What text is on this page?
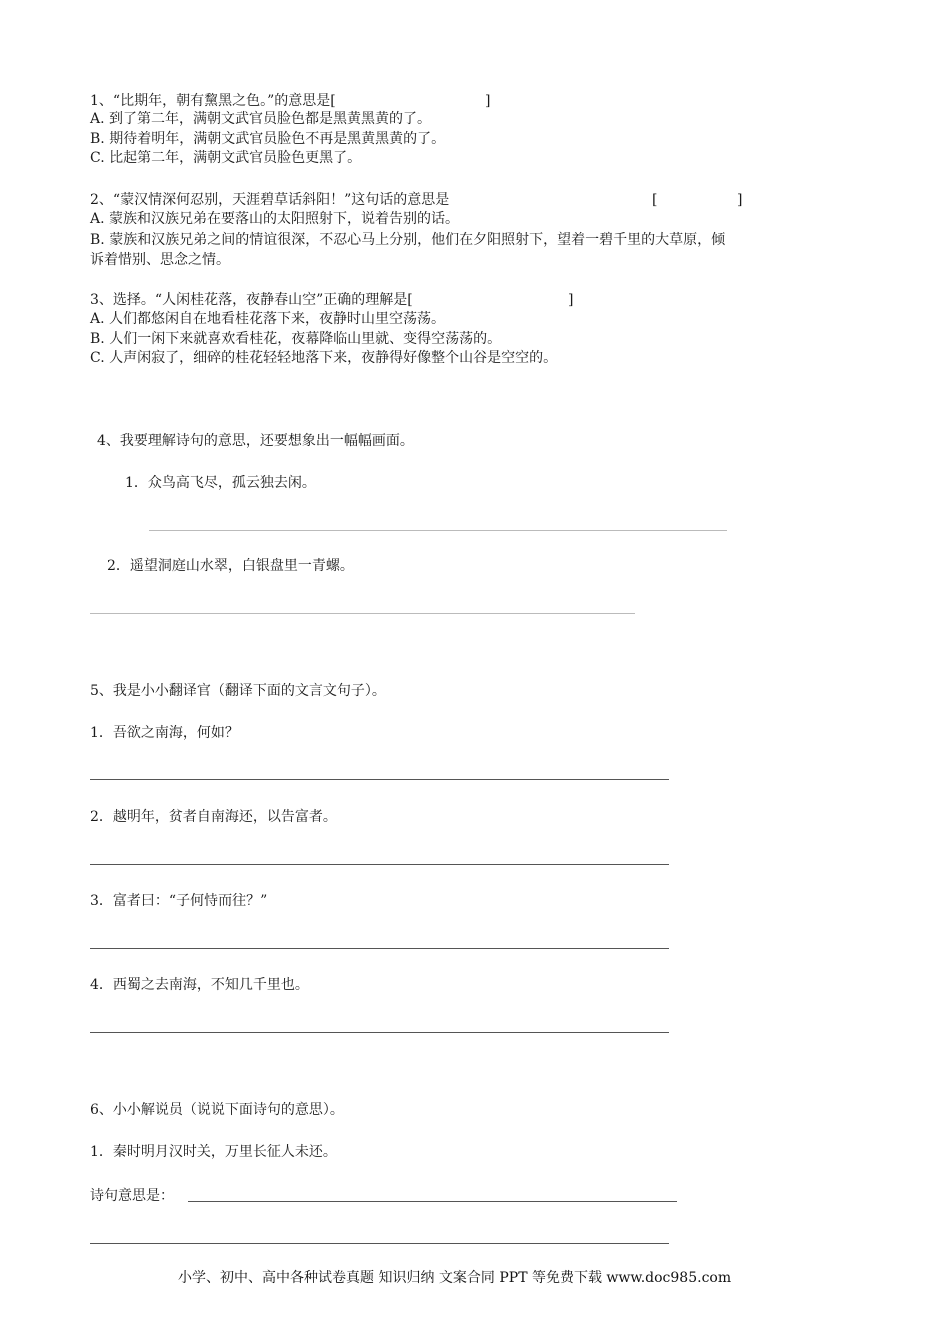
1、“比期年，朝有黧黑之色。”的意思是[	]
A. 到了第二年，满朝文武官员脸色都是黑黄黑黄的了。
B. 期待着明年，满朝文武官员脸色不再是黑黄黑黄的了。
C. 比起第二年，满朝文武官员脸色更黑了。
2、“蒙汉情深何忍别，天涯碧草话斜阳！”这句话的意思是	[	]
A. 蒙族和汉族兄弟在要落山的太阳照射下，说着告别的话。
B. 蒙族和汉族兄弟之间的情谊很深，不忍心马上分别，他们在夕阳照射下，望着一碧千里的大草原，倾
诉着惜别、思念之情。
3、选择。“人闲桂花落，夜静春山空”正确的理解是[	]
A. 人们都悠闲自在地看桂花落下来，夜静时山里空荡荡。
B. 人们一闲下来就喜欢看桂花，夜幕降临山里就、变得空荡荡的。
C. 人声闲寂了，细碎的桂花轻轻地落下来，夜静得好像整个山谷是空空的。
4、我要理解诗句的意思，还要想象出一幅幅画面。
1．众鸟高飞尽，孤云独去闲。
2．遥望洞庭山水翠，白银盘里一青螺。
5、我是小小翻译官（翻译下面的文言文句子）。
1．吾欲之南海，何如？
2．越明年，贫者自南海还，以告富者。
3．富者曰：“子何恃而往？”
4．西蜀之去南海，不知几千里也。
6、小小解说员（说说下面诗句的意思）。
1．秦时明月汉时关，万里长征人未还。
诗句意思是：
小学、初中、高中各种试卷真题 知识归纳 文案合同 PPT 等免费下载 www.doc985.com
